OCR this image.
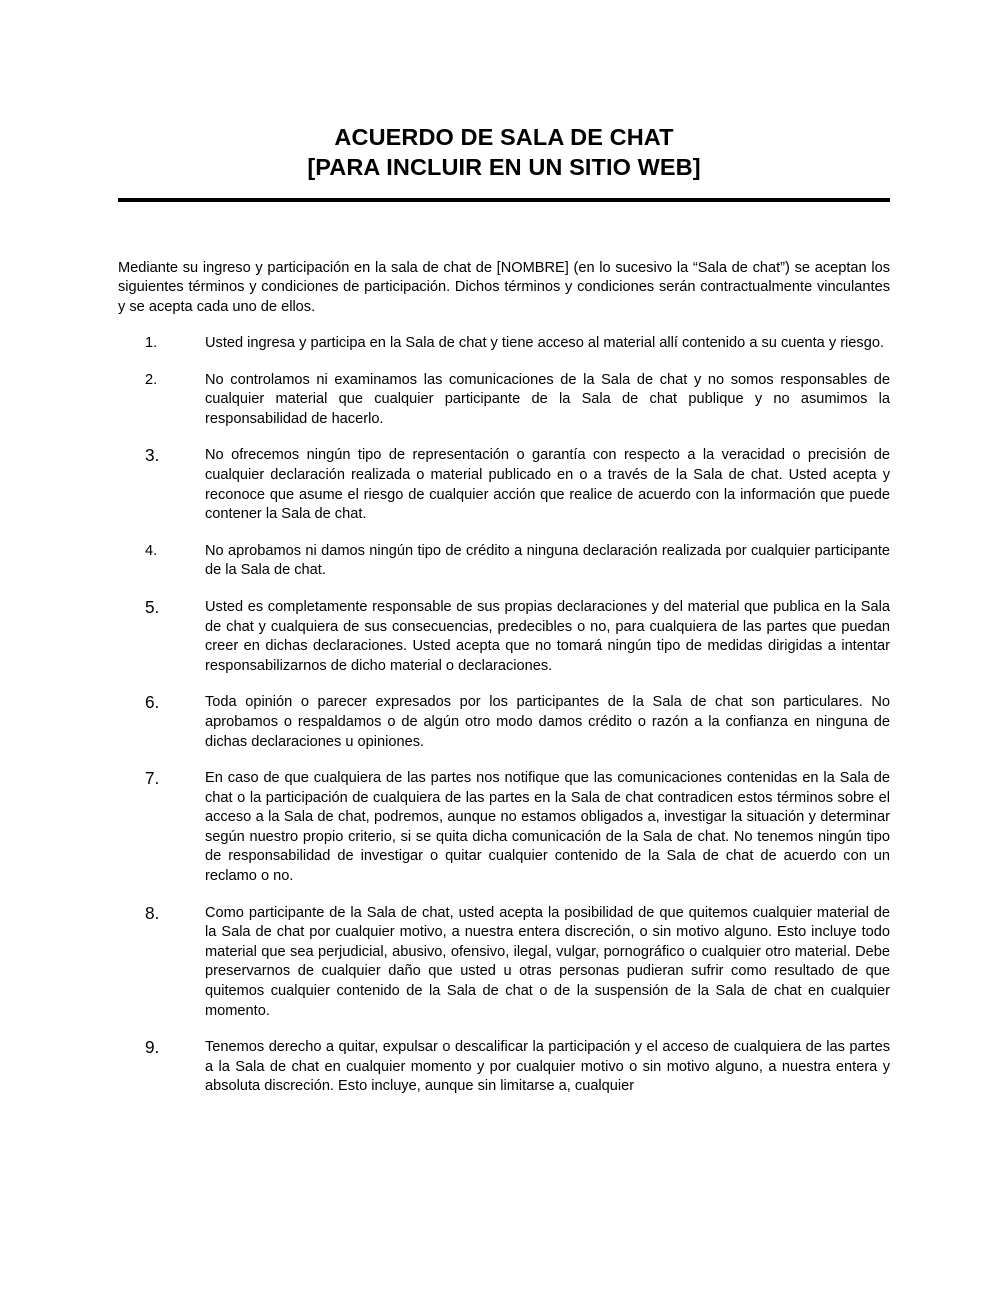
ACUERDO DE SALA DE CHAT
[PARA INCLUIR EN UN SITIO WEB]

Mediante su ingreso y participación en la sala de chat de [NOMBRE] (en lo sucesivo la “Sala de chat”) se aceptan los siguientes términos y condiciones de participación. Dichos términos y condiciones serán contractualmente vinculantes y se acepta cada uno de ellos.

1.	Usted ingresa y participa en la Sala de chat y tiene acceso al material allí contenido a su cuenta y riesgo.
2.	No controlamos ni examinamos las comunicaciones de la Sala de chat y no somos responsables de cualquier material que cualquier participante de la Sala de chat publique y no asumimos la responsabilidad de hacerlo.
3.	No ofrecemos ningún tipo de representación o garantía con respecto a la veracidad o precisión de cualquier declaración realizada o material publicado en o a través de la Sala de chat. Usted acepta y reconoce que asume el riesgo de cualquier acción que realice de acuerdo con la información que puede contener la Sala de chat.
4.	No aprobamos ni damos ningún tipo de crédito a ninguna declaración realizada por cualquier participante de la Sala de chat.
5.	Usted es completamente responsable de sus propias declaraciones y del material que publica en la Sala de chat y cualquiera de sus consecuencias, predecibles o no, para cualquiera de las partes que puedan creer en dichas declaraciones. Usted acepta que no tomará ningún tipo de medidas dirigidas a intentar responsabilizarnos de dicho material o declaraciones.
6.	Toda opinión o parecer expresados por los participantes de la Sala de chat son particulares. No aprobamos o respaldamos o de algún otro modo damos crédito o razón a la confianza en ninguna de dichas declaraciones u opiniones.
7.	En caso de que cualquiera de las partes nos notifique que las comunicaciones contenidas en la Sala de chat o la participación de cualquiera de las partes en la Sala de chat contradicen estos términos sobre el acceso a la Sala de chat, podremos, aunque no estamos obligados a, investigar la situación y determinar según nuestro propio criterio, si se quita dicha comunicación de la Sala de chat. No tenemos ningún tipo de responsabilidad de investigar o quitar cualquier contenido de la Sala de chat de acuerdo con un reclamo o no.
8.	Como participante de la Sala de chat, usted acepta la posibilidad de que quitemos cualquier material de la Sala de chat por cualquier motivo, a nuestra entera discreción, o sin motivo alguno. Esto incluye todo material que sea perjudicial, abusivo, ofensivo, ilegal, vulgar, pornográfico o cualquier otro material. Debe preservarnos de cualquier daño que usted u otras personas pudieran sufrir como resultado de que quitemos cualquier contenido de la Sala de chat o de la suspensión de la Sala de chat en cualquier momento.
9.	Tenemos derecho a quitar, expulsar o descalificar la participación y el acceso de cualquiera de las partes a la Sala de chat en cualquier momento y por cualquier motivo o sin motivo alguno, a nuestra entera y absoluta discreción. Esto incluye, aunque sin limitarse a, cualquier
